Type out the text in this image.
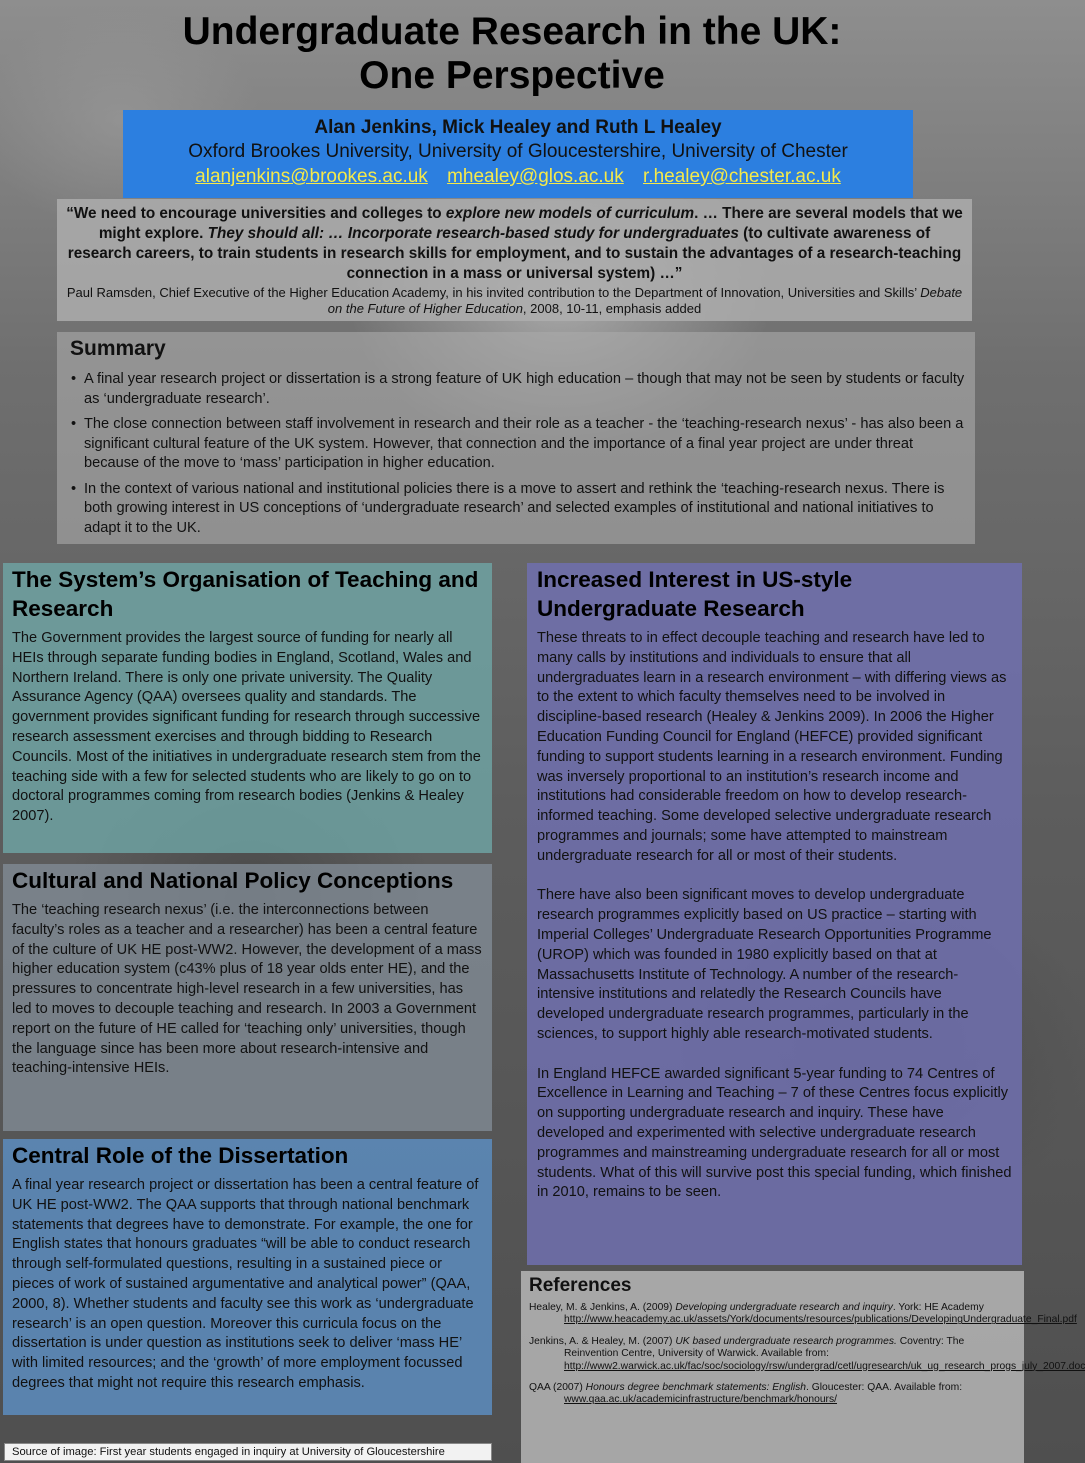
Undergraduate Research in the UK:
One Perspective
Alan Jenkins, Mick Healey and Ruth L Healey
Oxford Brookes University, University of Gloucestershire, University of Chester
alanjenkins@brookes.ac.uk mhealey@glos.ac.uk r.healey@chester.ac.uk
“We need to encourage universities and colleges to explore new models of curriculum. … There are several models that we might explore. They should all: … Incorporate research-based study for undergraduates (to cultivate awareness of research careers, to train students in research skills for employment, and to sustain the advantages of a research-teaching connection in a mass or universal system) …”
Paul Ramsden, Chief Executive of the Higher Education Academy, in his invited contribution to the Department of Innovation, Universities and Skills’ Debate on the Future of Higher Education, 2008, 10-11, emphasis added
Summary
• A final year research project or dissertation is a strong feature of UK high education – though that may not be seen by students or faculty as ‘undergraduate research’.
• The close connection between staff involvement in research and their role as a teacher - the ‘teaching-research nexus’ - has also been a significant cultural feature of the UK system. However, that connection and the importance of a final year project are under threat because of the move to ‘mass’ participation in higher education.
• In the context of various national and institutional policies there is a move to assert and rethink the ‘teaching-research nexus. There is both growing interest in US conceptions of ‘undergraduate research’ and selected examples of institutional and national initiatives to adapt it to the UK.
The System’s Organisation of Teaching and Research
The Government provides the largest source of funding for nearly all HEIs through separate funding bodies in England, Scotland, Wales and Northern Ireland. There is only one private university. The Quality Assurance Agency (QAA) oversees quality and standards. The government provides significant funding for research through successive research assessment exercises and through bidding to Research Councils. Most of the initiatives in undergraduate research stem from the teaching side with a few for selected students who are likely to go on to doctoral programmes coming from research bodies (Jenkins & Healey 2007).
Cultural and National Policy Conceptions
The ‘teaching research nexus’ (i.e. the interconnections between faculty’s roles as a teacher and a researcher) has been a central feature of the culture of UK HE post-WW2. However, the development of a mass higher education system (c43% plus of 18 year olds enter HE), and the pressures to concentrate high-level research in a few universities, has led to moves to decouple teaching and research. In 2003 a Government report on the future of HE called for ‘teaching only’ universities, though the language since has been more about research-intensive and teaching-intensive HEIs.
Central Role of the Dissertation
A final year research project or dissertation has been a central feature of UK HE post-WW2. The QAA supports that through national benchmark statements that degrees have to demonstrate. For example, the one for English states that honours graduates “will be able to conduct research through self-formulated questions, resulting in a sustained piece or pieces of work of sustained argumentative and analytical power” (QAA, 2000, 8). Whether students and faculty see this work as ‘undergraduate research’ is an open question. Moreover this curricula focus on the dissertation is under question as institutions seek to deliver ‘mass HE’ with limited resources; and the ‘growth’ of more employment focussed degrees that might not require this research emphasis.
Increased Interest in US-style Undergraduate Research

These threats to in effect decouple teaching and research have led to many calls by institutions and individuals to ensure that all undergraduates learn in a research environment – with differing views as to the extent to which faculty themselves need to be involved in discipline-based research (Healey & Jenkins 2009). In 2006 the Higher Education Funding Council for England (HEFCE) provided significant funding to support students learning in a research environment. Funding was inversely proportional to an institution’s research income and institutions had considerable freedom on how to develop research-informed teaching. Some developed selective undergraduate research programmes and journals; some have attempted to mainstream undergraduate research for all or most of their students.

There have also been significant moves to develop undergraduate research programmes explicitly based on US practice – starting with Imperial Colleges’ Undergraduate Research Opportunities Programme (UROP) which was founded in 1980 explicitly based on that at Massachusetts Institute of Technology. A number of the research-intensive institutions and relatedly the Research Councils have developed undergraduate research programmes, particularly in the sciences, to support highly able research-motivated students.

In England HEFCE awarded significant 5-year funding to 74 Centres of Excellence in Learning and Teaching – 7 of these Centres focus explicitly on supporting undergraduate research and inquiry. These have developed and experimented with selective undergraduate research programmes and mainstreaming undergraduate research for all or most students. What of this will survive post this special funding, which finished in 2010, remains to be seen.

References
Healey, M. & Jenkins, A. (2009) Developing undergraduate research and inquiry. York: HE Academy http://www.heacademy.ac.uk/assets/York/documents/resources/publications/DevelopingUndergraduate_Final.pdf
Jenkins, A. & Healey, M. (2007) UK based undergraduate research programmes. Coventry: The Reinvention Centre, University of Warwick. Available from: http://www2.warwick.ac.uk/fac/soc/sociology/rsw/undergrad/cetl/ugresearch/uk_ug_research_progs_july_2007.doc
QAA (2007) Honours degree benchmark statements: English. Gloucester: QAA. Available from: www.qaa.ac.uk/academicinfrastructure/benchmark/honours/
Source of image: First year students engaged in inquiry at University of Gloucestershire
